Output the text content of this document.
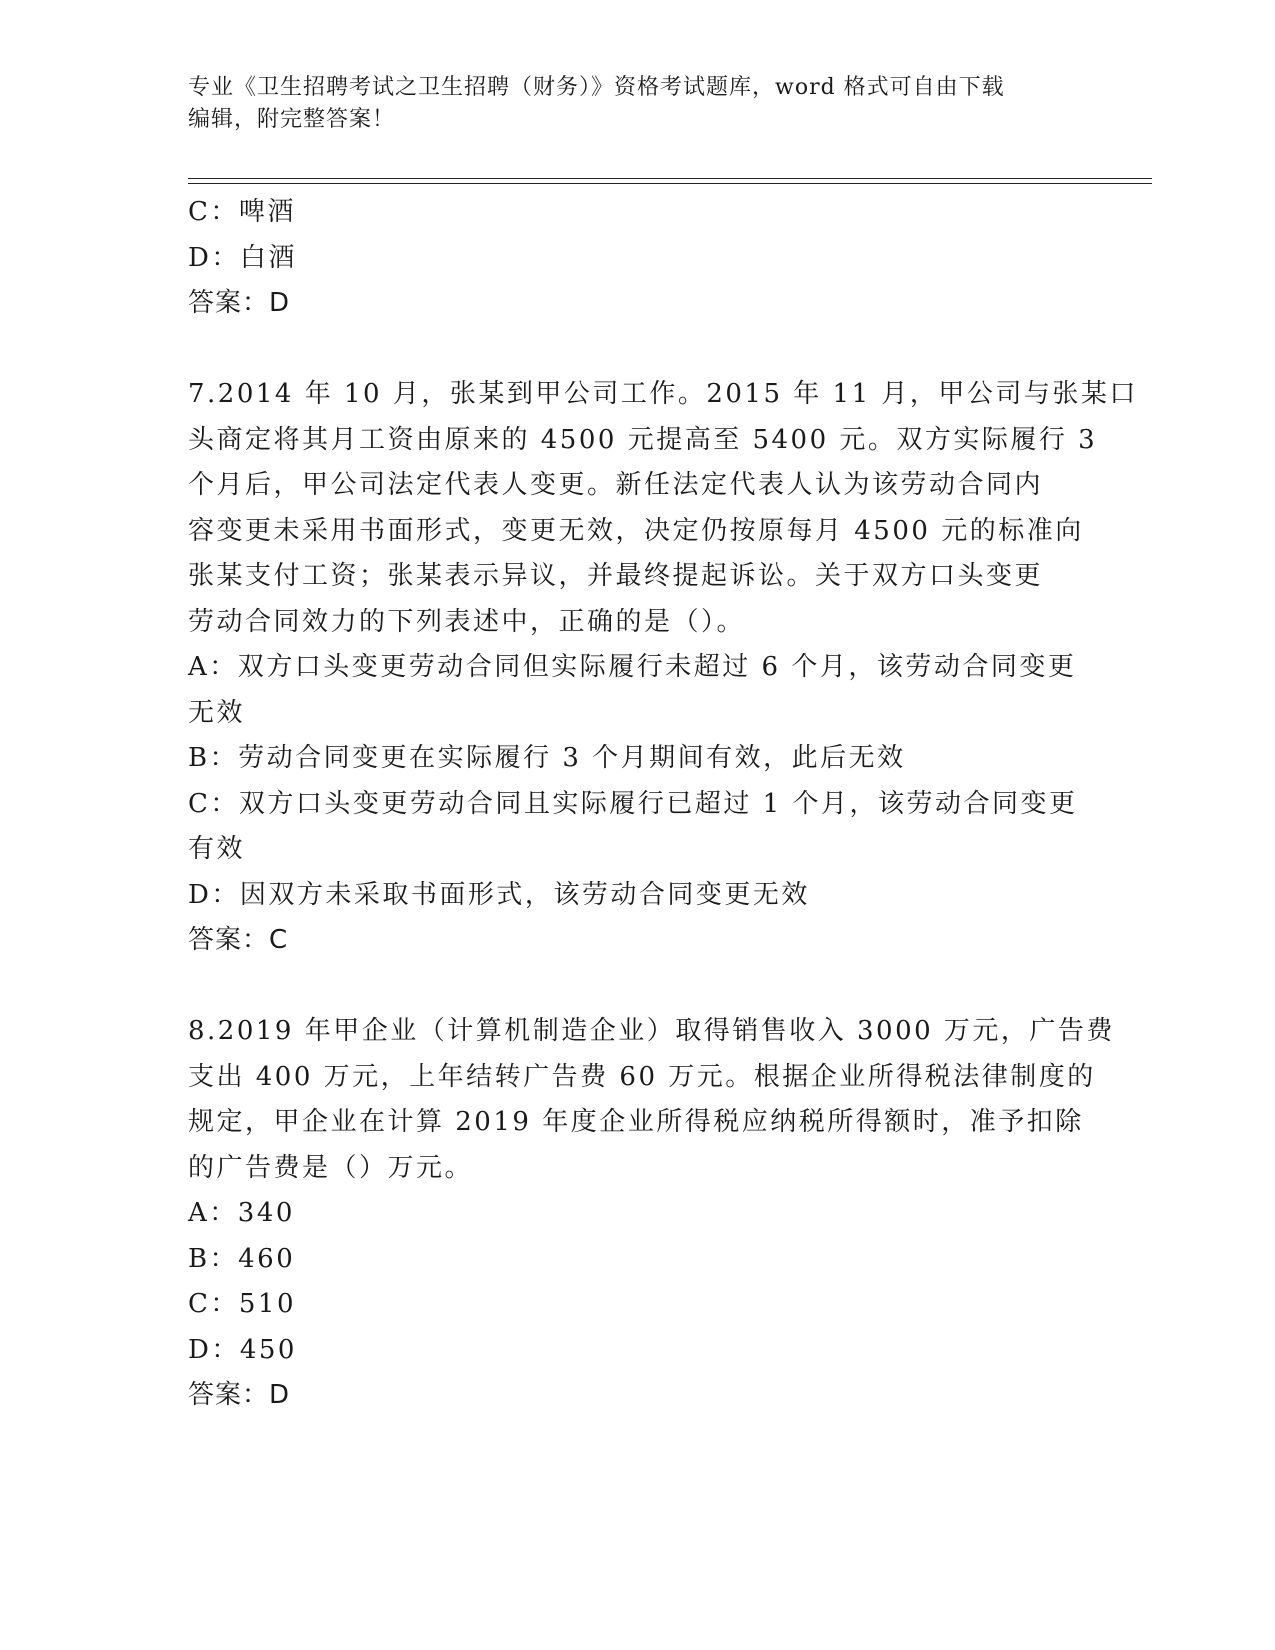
专业《卫生招聘考试之卫生招聘（财务）》资格考试题库，word 格式可自由下载
编辑，附完整答案！
C：啤酒
D：白酒
答案：D
7.2014 年 10 月，张某到甲公司工作。2015 年 11 月，甲公司与张某口
头商定将其月工资由原来的 4500 元提高至 5400 元。双方实际履行 3
个月后，甲公司法定代表人变更。新任法定代表人认为该劳动合同内
容变更未采用书面形式，变更无效，决定仍按原每月 4500 元的标准向
张某支付工资；张某表示异议，并最终提起诉讼。关于双方口头变更
劳动合同效力的下列表述中，正确的是（）。
A：双方口头变更劳动合同但实际履行未超过 6 个月，该劳动合同变更
无效
B：劳动合同变更在实际履行 3 个月期间有效，此后无效
C：双方口头变更劳动合同且实际履行已超过 1 个月，该劳动合同变更
有效
D：因双方未采取书面形式，该劳动合同变更无效
答案：C
8.2019 年甲企业（计算机制造企业）取得销售收入 3000 万元，广告费
支出 400 万元，上年结转广告费 60 万元。根据企业所得税法律制度的
规定，甲企业在计算 2019 年度企业所得税应纳税所得额时，准予扣除
的广告费是（）万元。
A：340
B：460
C：510
D：450
答案：D
